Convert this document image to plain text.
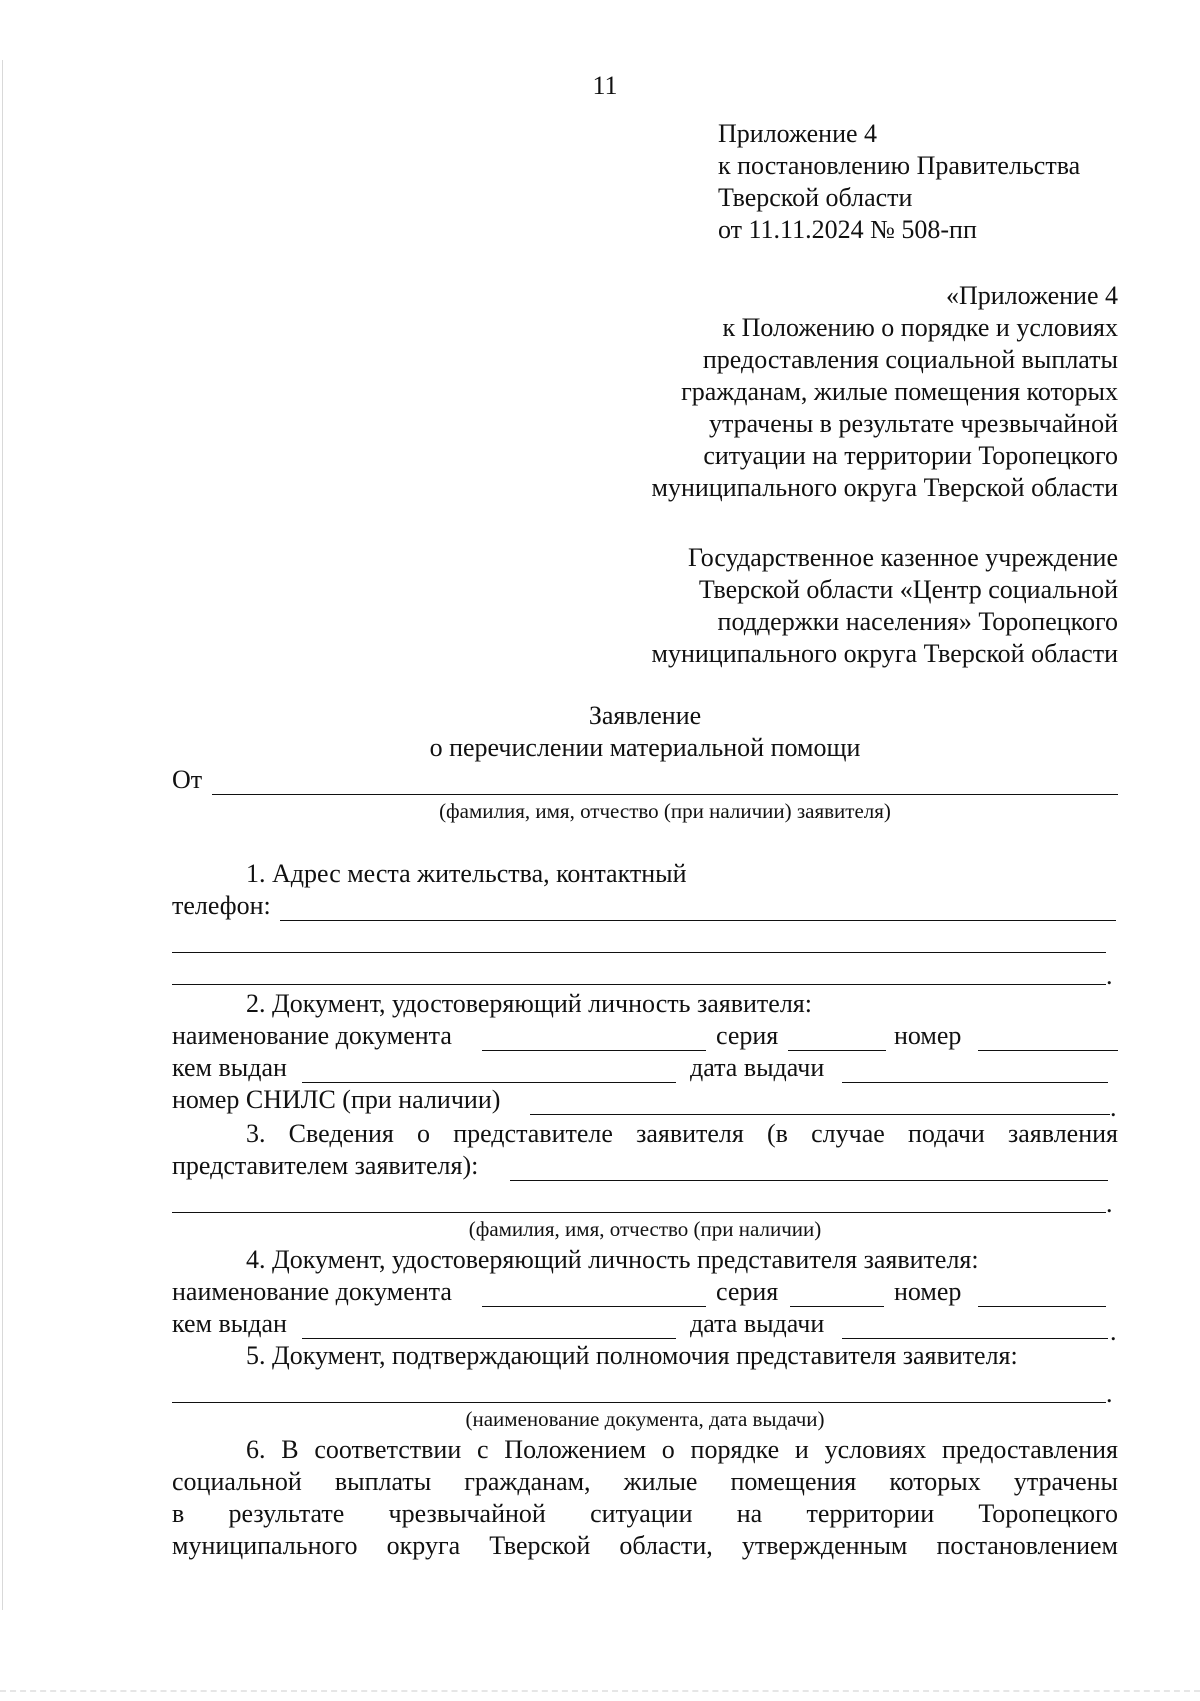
11
Приложение 4
к постановлению Правительства
Тверской области
от 11.11.2024 № 508-пп
«Приложение 4
к Положению о порядке и условиях
предоставления социальной выплаты
гражданам, жилые помещения которых
утрачены в результате чрезвычайной
ситуации на территории Торопецкого
муниципального округа Тверской области
Государственное казенное учреждение
Тверской области «Центр социальной
поддержки населения» Торопецкого
муниципального округа Тверской области
Заявление
о перечислении материальной помощи
От
(фамилия, имя, отчество (при наличии) заявителя)
1. Адрес места жительства, контактный
телефон:
.
2. Документ, удостоверяющий личность заявителя:
наименование документа	серия	номер
кем выдан	дата выдачи
номер СНИЛС (при наличии)	.
3. Сведения о представителе заявителя (в случае подачи заявления
представителем заявителя):
.
(фамилия, имя, отчество (при наличии)
4. Документ, удостоверяющий личность представителя заявителя:
наименование документа	серия	номер
кем выдан	дата выдачи	.
5. Документ, подтверждающий полномочия представителя заявителя:
.
(наименование документа, дата выдачи)
6. В соответствии с Положением о порядке и условиях предоставления
социальной выплаты гражданам, жилые помещения которых утрачены
в результате чрезвычайной ситуации на территории Торопецкого
муниципального округа Тверской области, утвержденным постановлением
